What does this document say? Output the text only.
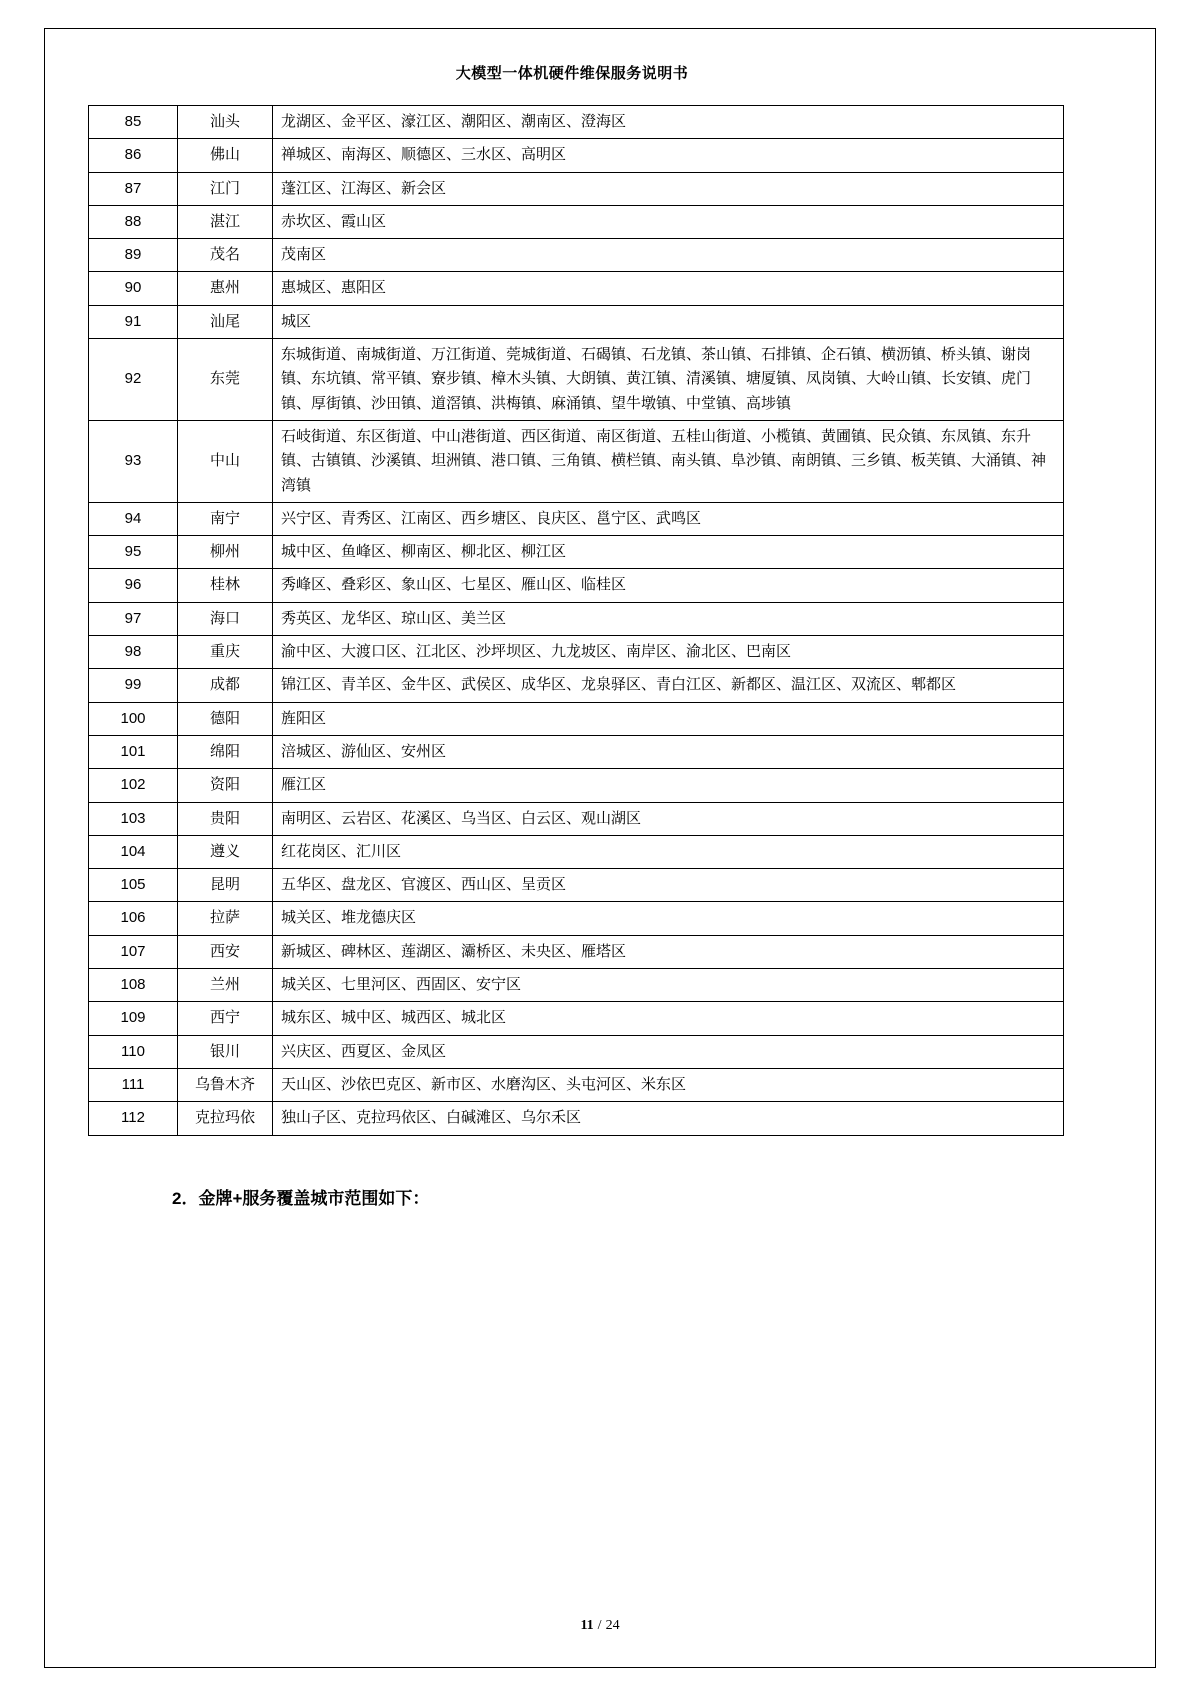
大模型一体机硬件维保服务说明书
85	汕头	龙湖区、金平区、濠江区、潮阳区、潮南区、澄海区
86	佛山	禅城区、南海区、顺德区、三水区、高明区
87	江门	蓬江区、江海区、新会区
88	湛江	赤坎区、霞山区
89	茂名	茂南区
90	惠州	惠城区、惠阳区
91	汕尾	城区
92	东莞	东城街道、南城街道、万江街道、莞城街道、石碣镇、石龙镇、茶山镇、石排镇、企石镇、横沥镇、桥头镇、谢岗镇、东坑镇、常平镇、寮步镇、樟木头镇、大朗镇、黄江镇、清溪镇、塘厦镇、凤岗镇、大岭山镇、长安镇、虎门镇、厚街镇、沙田镇、道滘镇、洪梅镇、麻涌镇、望牛墩镇、中堂镇、高埗镇
93	中山	石岐街道、东区街道、中山港街道、西区街道、南区街道、五桂山街道、小榄镇、黄圃镇、民众镇、东凤镇、东升镇、古镇镇、沙溪镇、坦洲镇、港口镇、三角镇、横栏镇、南头镇、阜沙镇、南朗镇、三乡镇、板芙镇、大涌镇、神湾镇
94	南宁	兴宁区、青秀区、江南区、西乡塘区、良庆区、邕宁区、武鸣区
95	柳州	城中区、鱼峰区、柳南区、柳北区、柳江区
96	桂林	秀峰区、叠彩区、象山区、七星区、雁山区、临桂区
97	海口	秀英区、龙华区、琼山区、美兰区
98	重庆	渝中区、大渡口区、江北区、沙坪坝区、九龙坡区、南岸区、渝北区、巴南区
99	成都	锦江区、青羊区、金牛区、武侯区、成华区、龙泉驿区、青白江区、新都区、温江区、双流区、郫都区
100	德阳	旌阳区
101	绵阳	涪城区、游仙区、安州区
102	资阳	雁江区
103	贵阳	南明区、云岩区、花溪区、乌当区、白云区、观山湖区
104	遵义	红花岗区、汇川区
105	昆明	五华区、盘龙区、官渡区、西山区、呈贡区
106	拉萨	城关区、堆龙德庆区
107	西安	新城区、碑林区、莲湖区、灞桥区、未央区、雁塔区
108	兰州	城关区、七里河区、西固区、安宁区
109	西宁	城东区、城中区、城西区、城北区
110	银川	兴庆区、西夏区、金凤区
111	乌鲁木齐	天山区、沙依巴克区、新市区、水磨沟区、头屯河区、米东区
112	克拉玛依	独山子区、克拉玛依区、白碱滩区、乌尔禾区
2．金牌+服务覆盖城市范围如下：
11 / 24
